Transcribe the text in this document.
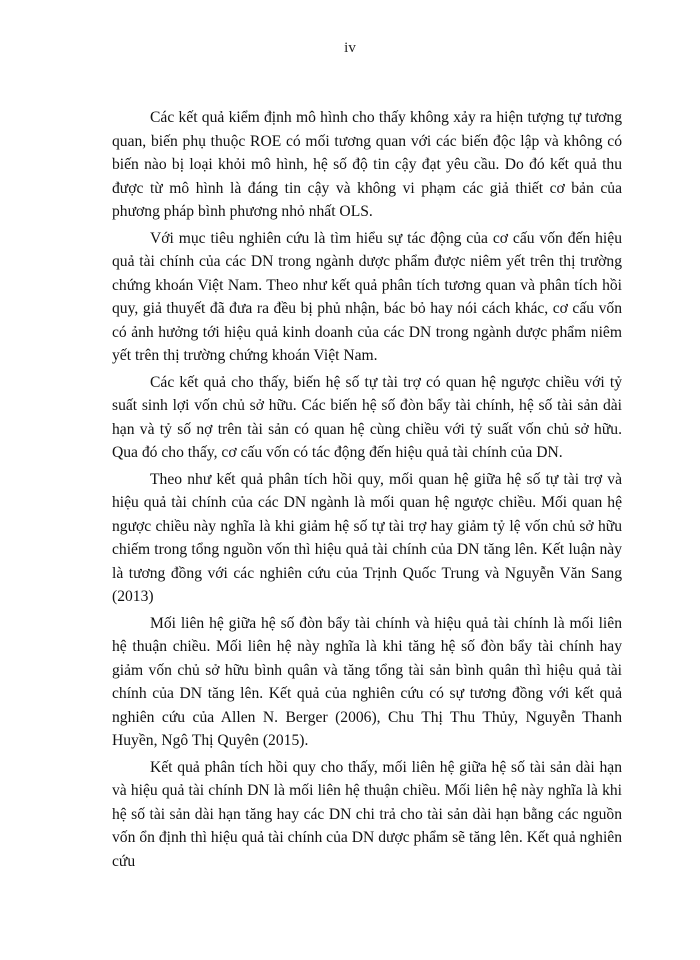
iv

Các kết quả kiểm định mô hình cho thấy không xảy ra hiện tượng tự tương quan, biến phụ thuộc ROE có mối tương quan với các biến độc lập và không có biến nào bị loại khỏi mô hình, hệ số độ tin cậy đạt yêu cầu. Do đó kết quả thu được từ mô hình là đáng tin cậy và không vi phạm các giả thiết cơ bản của phương pháp bình phương nhỏ nhất OLS.

Với mục tiêu nghiên cứu là tìm hiểu sự tác động của cơ cấu vốn đến hiệu quả tài chính của các DN trong ngành dược phẩm được niêm yết trên thị trường chứng khoán Việt Nam. Theo như kết quả phân tích tương quan và phân tích hồi quy, giả thuyết đã đưa ra đều bị phủ nhận, bác bỏ hay nói cách khác, cơ cấu vốn có ảnh hưởng tới hiệu quả kinh doanh của các DN trong ngành dược phẩm niêm yết trên thị trường chứng khoán Việt Nam.

Các kết quả cho thấy, biến hệ số tự tài trợ có quan hệ ngược chiều với tỷ suất sinh lợi vốn chủ sở hữu. Các biến hệ số đòn bẩy tài chính, hệ số tài sản dài hạn và tỷ số nợ trên tài sản có quan hệ cùng chiều với tỷ suất vốn chủ sở hữu. Qua đó cho thấy, cơ cấu vốn có tác động đến hiệu quả tài chính của DN.

Theo như kết quả phân tích hồi quy, mối quan hệ giữa hệ số tự tài trợ và hiệu quả tài chính của các DN ngành là mối quan hệ ngược chiều. Mối quan hệ ngược chiều này nghĩa là khi giảm hệ số tự tài trợ hay giảm tỷ lệ vốn chủ sở hữu chiếm trong tổng nguồn vốn thì hiệu quả tài chính của DN tăng lên. Kết luận này là tương đồng với các nghiên cứu của Trịnh Quốc Trung và Nguyễn Văn Sang (2013)

Mối liên hệ giữa hệ số đòn bẩy tài chính và hiệu quả tài chính là mối liên hệ thuận chiều. Mối liên hệ này nghĩa là khi tăng hệ số đòn bẩy tài chính hay giảm vốn chủ sở hữu bình quân và tăng tổng tài sản bình quân thì hiệu quả tài chính của DN tăng lên. Kết quả của nghiên cứu có sự tương đồng với kết quả nghiên cứu của Allen N. Berger (2006), Chu Thị Thu Thủy, Nguyễn Thanh Huyền, Ngô Thị Quyên (2015).

Kết quả phân tích hồi quy cho thấy, mối liên hệ giữa hệ số tài sản dài hạn và hiệu quả tài chính DN là mối liên hệ thuận chiều. Mối liên hệ này nghĩa là khi hệ số tài sản dài hạn tăng hay các DN chi trả cho tài sản dài hạn bằng các nguồn vốn ổn định thì hiệu quả tài chính của DN dược phẩm sẽ tăng lên. Kết quả nghiên cứu
